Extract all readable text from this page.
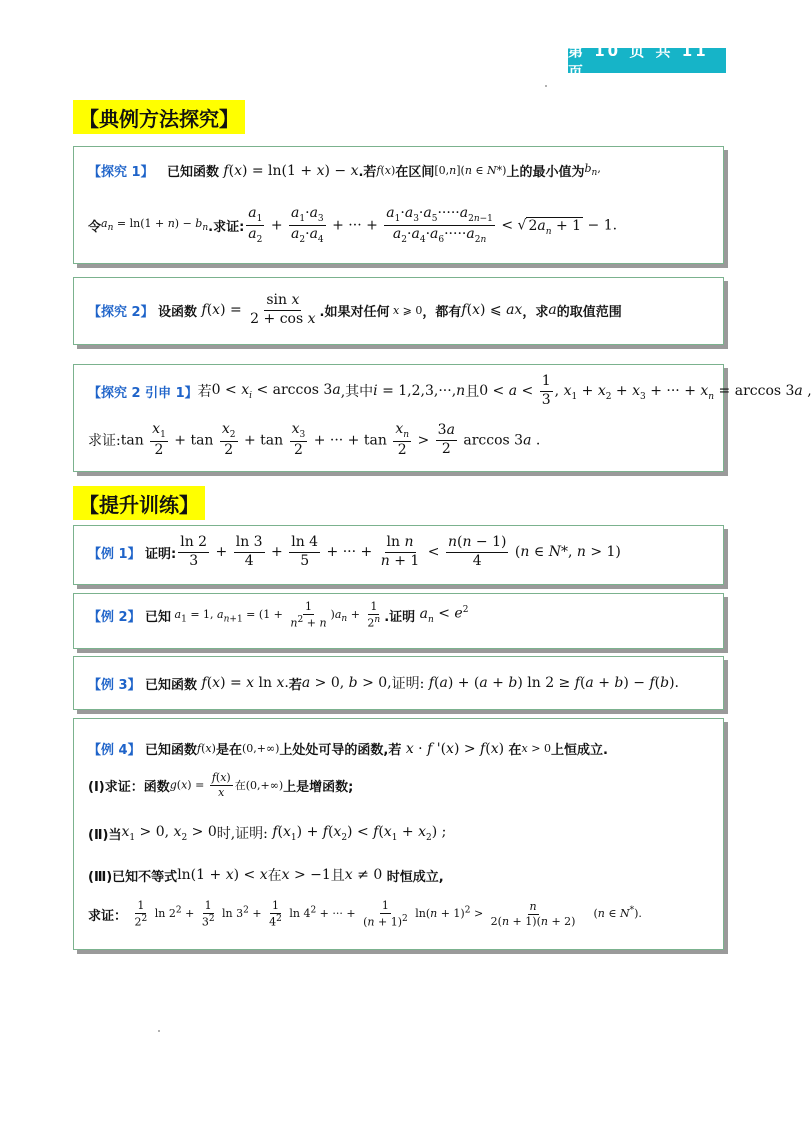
第 10 页 共 11 页
【典例方法探究】
【探究 1】
已知函数 f(x) = ln(1 + x) − x .若 f(x) 在区间 [0,n](n ∈ N*) 上的最小值为 $b_n$,
令 $a_n = \ln(1 + n) - b_n$ .求证: $\frac{a_1}{a_2} + \frac{a_1\cdot a_3}{a_2\cdot a_4}$ + ··· + $\frac{a_1\cdot a_3\cdot a_5\cdot\cdot\cdot\cdot\cdot a_{2n-1}}{a_2\cdot a_4\cdot a_6\cdot\cdot\cdot\cdot\cdot a_{2n}}$ < √ $2a_n + 1 - 1$.
【探究 2】
设函数 $f(x) = \frac{\text{sin x}}{\text{2 + cos x}}$ .如果对任何 x ⩾ 0 ，都有 f(x) ⩽ ax ，求 a 的取值范围
【探究 2 引申 1】 若 $0 < x_i < \arccos 3a$ ,其中 i = 1,2,3,···,n 且 $0 < a < \frac{1}{3}$ , $x_1 + x_2 + x_3$ + ··· + $x_n = \arccos 3a$ ,
求证: $\tan \frac{x_1}{2} + \tan \frac{x_2}{2} + \tan \frac{x_3}{2}$ + ··· + $\tan \frac{x_n}{2} > \frac{3a}{2}$ arccos 3a .
【提升训练】
【例 1】
证明: $\frac{\ln 2}{3} + \frac{\ln 3}{4} + \frac{\ln 4}{5}$ + ··· + $\frac{\text{ln n}}{n + 1} < \frac{n(n - 1)}{4} (n$ ∈ N*, n > 1)
【例 2】
已知 $a_1 = 1$, $a_{n+1} = (1 + \frac{1}{n^2 + n} )a_n + \frac{1}{2^n}$ .证明 $a_n < e^2$
【例 3】
已知函数 f(x) = x ln x. 若 a > 0, b > 0, 证明: f(a) + (a + b) ln 2 ≥ f(a + b) − f(b).
【例 4】
已知函数 f(x) 是在 (0,+∞) 上处处可导的函数,若 x · f '(x) > f(x) 在 x > 0 上恒成立.
(Ⅰ)求证：函数 $g(x) = \frac{f(x)}{x}$ 在 (0,+∞) 上是增函数;
(Ⅱ)当 $x_1 > 0$, $x_2 > 0$ 时,证明: $f(x_1) + f(x_2) < f(x_1 + x_2)$ ;
(Ⅲ)已知不等式 ln(1 + x) < x 在 x > −1 且 x ≠ 0 时恒成立,
求证：
$\frac{1}{2^2}$ $\ln 2^2 + \frac{1}{3^2}$ $\ln 3^2 + \frac{1}{4^2}$ $\ln 4^2$ + ··· + $\frac{1}{(n + 1)^2} \ln(n + 1)^2 > \frac{n}{2(n + 1)(n + 2)} (n$ ∈ N*).
